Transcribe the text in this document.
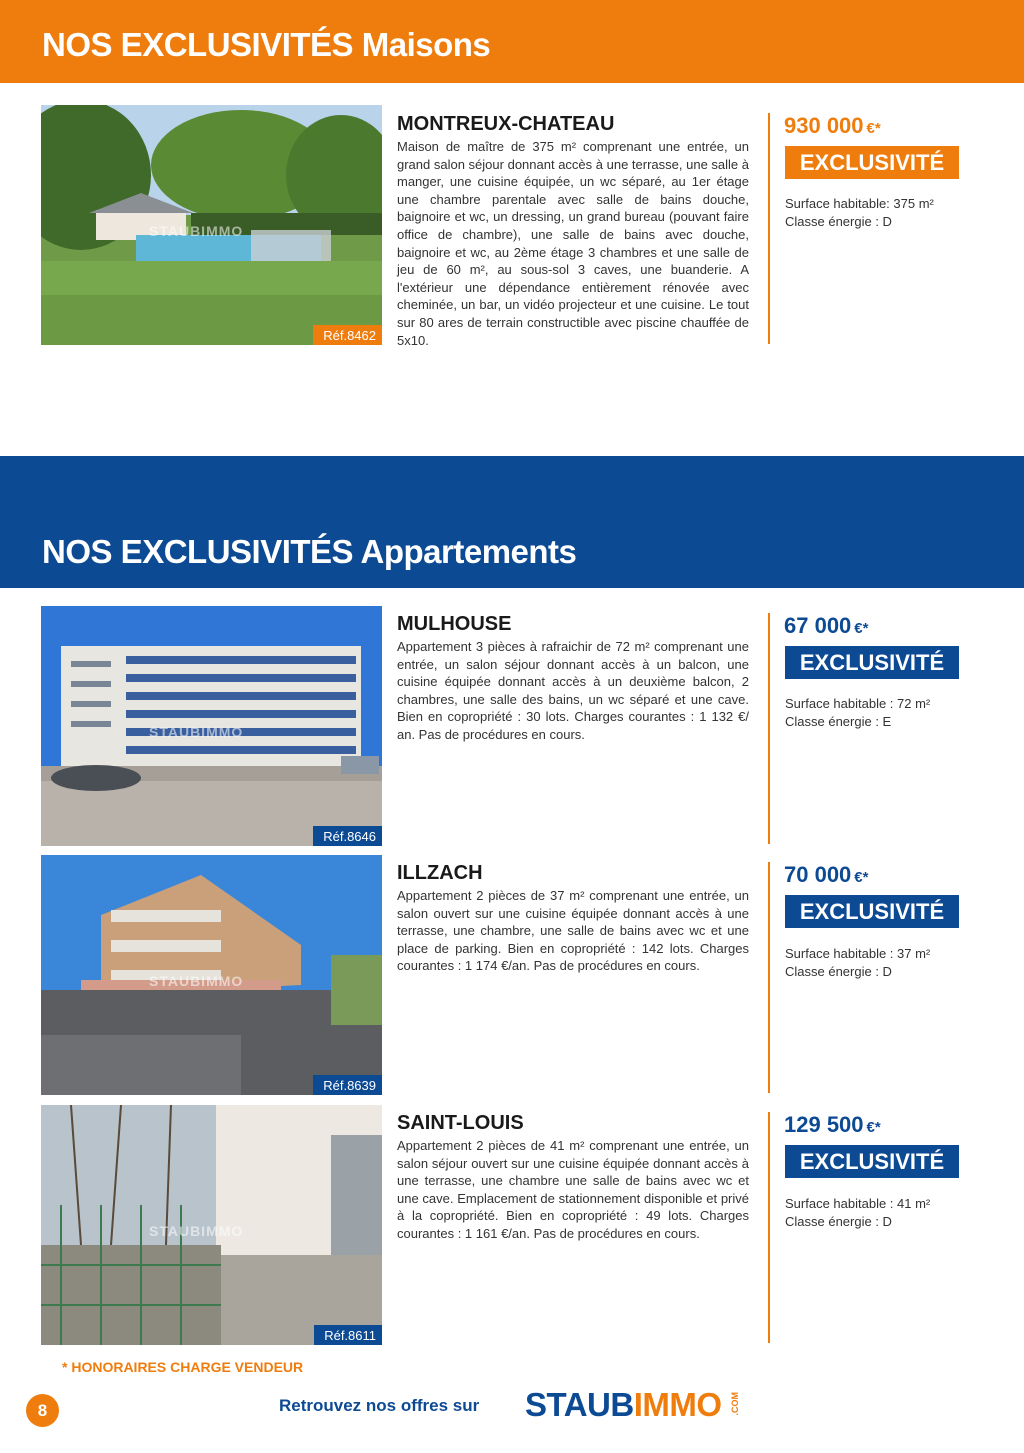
NOS EXCLUSIVITÉS Maisons
STAUBIMMO
Réf.8462
MONTREUX-CHATEAU
Maison de maître de 375 m² comprenant une entrée, un grand salon séjour donnant accès à une terrasse, une salle à manger, une cuisine équipée, un wc séparé, au 1er étage une chambre parentale avec salle de bains douche, baignoire et wc, un dressing, un grand bureau (pouvant faire office de chambre), une salle de bains avec douche, baignoire et wc, au 2ème étage 3 chambres et une salle de jeu de 60 m², au sous-sol 3 caves, une buanderie. A l'extérieur une dépendance entièrement rénovée avec cheminée, un bar, un vidéo projecteur et une cuisine. Le tout sur 80 ares de terrain constructible avec piscine chauffée de 5x10.
930 000 €*
EXCLUSIVITÉ
Surface habitable: 375 m²
Classe énergie : D
NOS EXCLUSIVITÉS Appartements
STAUBIMMO
Réf.8646
MULHOUSE
Appartement 3 pièces à rafraichir de 72 m² comprenant une entrée, un salon séjour donnant accès à un balcon, une cuisine équipée donnant accès à un deuxième balcon, 2 chambres, une salle des bains, un wc séparé et une cave. Bien en copropriété : 30 lots. Charges courantes : 1 132 €/ an. Pas de procédures en cours.
67 000 €*
EXCLUSIVITÉ
Surface habitable : 72 m²
Classe énergie : E
STAUBIMMO
Réf.8639
ILLZACH
Appartement 2 pièces de 37 m² comprenant une entrée, un salon ouvert sur une cuisine équipée donnant accès à une terrasse, une chambre, une salle de bains avec wc et une place de parking. Bien en copropriété : 142 lots. Charges courantes : 1 174 €/an. Pas de procédures en cours.
70 000 €*
EXCLUSIVITÉ
Surface habitable : 37 m²
Classe énergie : D
STAUBIMMO
Réf.8611
SAINT-LOUIS
Appartement 2 pièces de 41 m² comprenant une entrée, un salon séjour ouvert sur une cuisine équipée donnant accès à une terrasse, une chambre une salle de bains avec wc et une cave. Emplacement de stationnement disponible et privé à la copropriété. Bien en copropriété : 49 lots. Charges courantes : 1 161 €/an. Pas de procédures en cours.
129 500 €*
EXCLUSIVITÉ
Surface habitable : 41 m²
Classe énergie : D
* HONORAIRES CHARGE VENDEUR
8	Retrouvez nos offres sur STAUBIMMO .COM
